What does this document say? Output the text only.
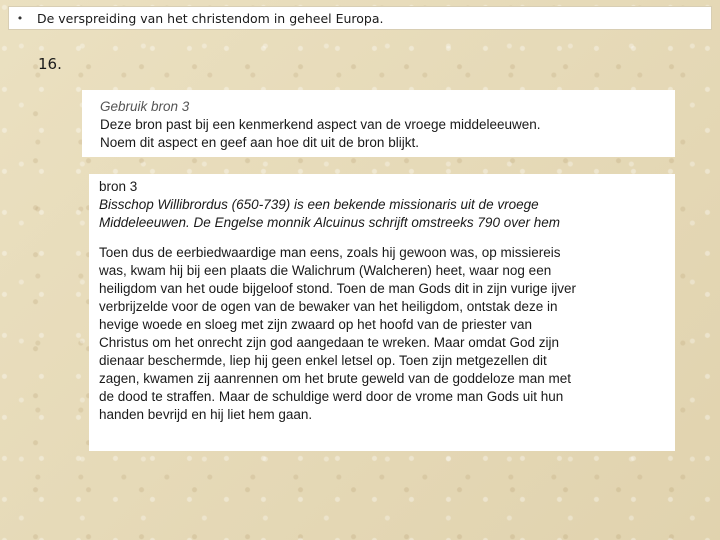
•	De verspreiding van het christendom in geheel Europa.
16.
Gebruik bron 3
Deze bron past bij een kenmerkend aspect van de vroege middeleeuwen.
Noem dit aspect en geef aan hoe dit uit de bron blijkt.
bron 3
Bisschop Willibrordus (650-739) is een bekende missionaris uit de vroege
Middeleeuwen. De Engelse monnik Alcuinus schrijft omstreeks 790 over hem
Toen dus de eerbiedwaardige man eens, zoals hij gewoon was, op missiereis
was, kwam hij bij een plaats die Walichrum (Walcheren) heet, waar nog een
heiligdom van het oude bijgeloof stond. Toen de man Gods dit in zijn vurige ijver
verbrijzelde voor de ogen van de bewaker van het heiligdom, ontstak deze in
hevige woede en sloeg met zijn zwaard op het hoofd van de priester van
Christus om het onrecht zijn god aangedaan te wreken. Maar omdat God zijn
dienaar beschermde, liep hij geen enkel letsel op. Toen zijn metgezellen dit
zagen, kwamen zij aanrennen om het brute geweld van de goddeloze man met
de dood te straffen. Maar de schuldige werd door de vrome man Gods uit hun
handen bevrijd en hij liet hem gaan.
